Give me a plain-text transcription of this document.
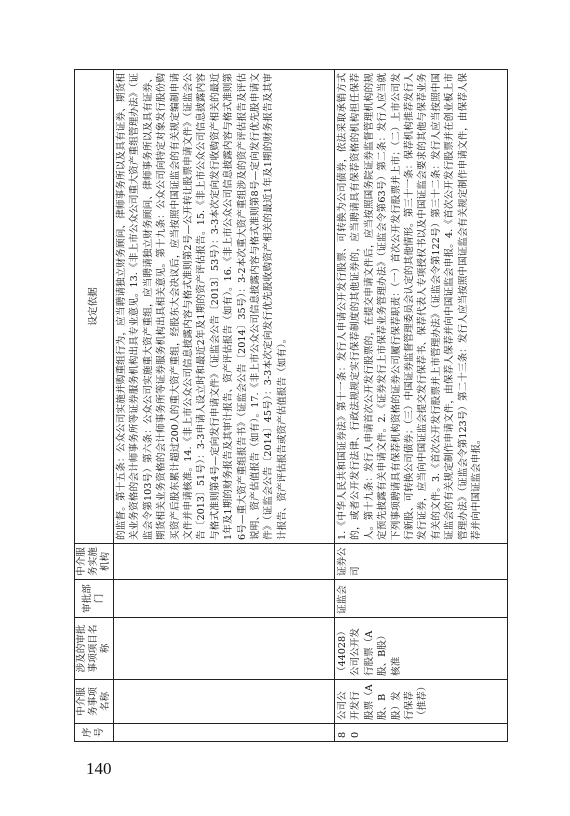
140
序号	中介服务事项名称	涉及的审批事项项目名称	审批部门	中介服务实施机构	设定依据
					的监督。第十五条：公众公司实施并购重组行为，应当聘请独立财务顾问、律师事务所以及具有证券、期货相关业务资格的会计师事务所等证券服务机构出具专业意见。13.《非上市公众公司重大资产重组管理办法》（证监会令第103号）第六条：公众公司实施重大资产重组，应当聘请独立财务顾问、律师事务所以及具有证券、期货相关业务资格的会计师事务所等证券服务机构出具相关意见。第十九条：公众公司向特定对象发行股份购买资产后股东累计超过200人的重大资产重组，经股东大会决议后，应当按照中国证监会的有关规定编制申请文件并申请核准。14.《非上市公众公司信息披露内容与格式准则第2号—公开转让股票申请文件》（证监会公告〔2013〕51号）：3-3申请人设立时和最近2年及1期的资产评估报告。15.《非上市公众公司信息披露内容与格式准则第4号—定向发行申请文件》（证监会公告〔2013〕53号）：3-3本次定向发行收购资产相关的最近1年及1期的财务报告及其审计报告、资产评估报告（如有）。16.《非上市公众公司信息披露内容与格式准则第6号—重大资产重组报告书》（证监会公告〔2014〕35号）：3-2本次重大资产重组涉及的资产评估报告及评估说明、资产估值报告（如有）。17.《非上市公众公司信息披露内容与格式准则第8号—定向发行优先股申请文件》（证监会公告〔2014〕45号）：3-3本次定向发行优先股收购资产相关的最近1年及1期的财务报告及其审计报告、资产评估报告或资产估值报告（如有）。
80	公司公开发行股票（A股、B股）发行保荐（推荐）	（44028）公司公开发行股票（A股、B股）核准	证监会	证券公司	1.《中华人民共和国证券法》第十一条：发行人申请公开发行股票、可转换为公司债券，依法采取承销方式的，或者公开发行法律、行政法规规定实行保荐制度的其他证券的，应当聘请具有保荐资格的机构担任保荐人。第十九条：发行人申请首次公开发行股票的，在提交申请文件后，应当按照国务院证券监督管理机构的规定预先披露有关申请文件。2.《证券发行上市保荐业务管理办法》（证监会令第63号）第二条：发行人应当就下列事项聘请具有保荐机构资格的证券公司履行保荐职责：（一）首次公开发行股票并上市；（二）上市公司发行新股、可转换公司债券；（三）中国证券监督管理委员会认定的其他情形。第三十一条：保荐机构推荐发行人发行证券，应当向中国证监会提交发行保荐书、保荐代表人专项授权书以及中国证监会要求的其他与保荐业务有关的文件。3.《首次公开发行股票并上市管理办法》（证监会令第122号）第三十二条：发行人应当按照中国证监会的有关规定制作申请文件，由保荐人保荐并向中国证监会申报。4.《首次公开发行股票并在创业板上市管理办法》（证监会令第123号）第二十三条：发行人应当按照中国证监会有关规定制作申请文件，由保荐人保荐并向中国证监会申报。
